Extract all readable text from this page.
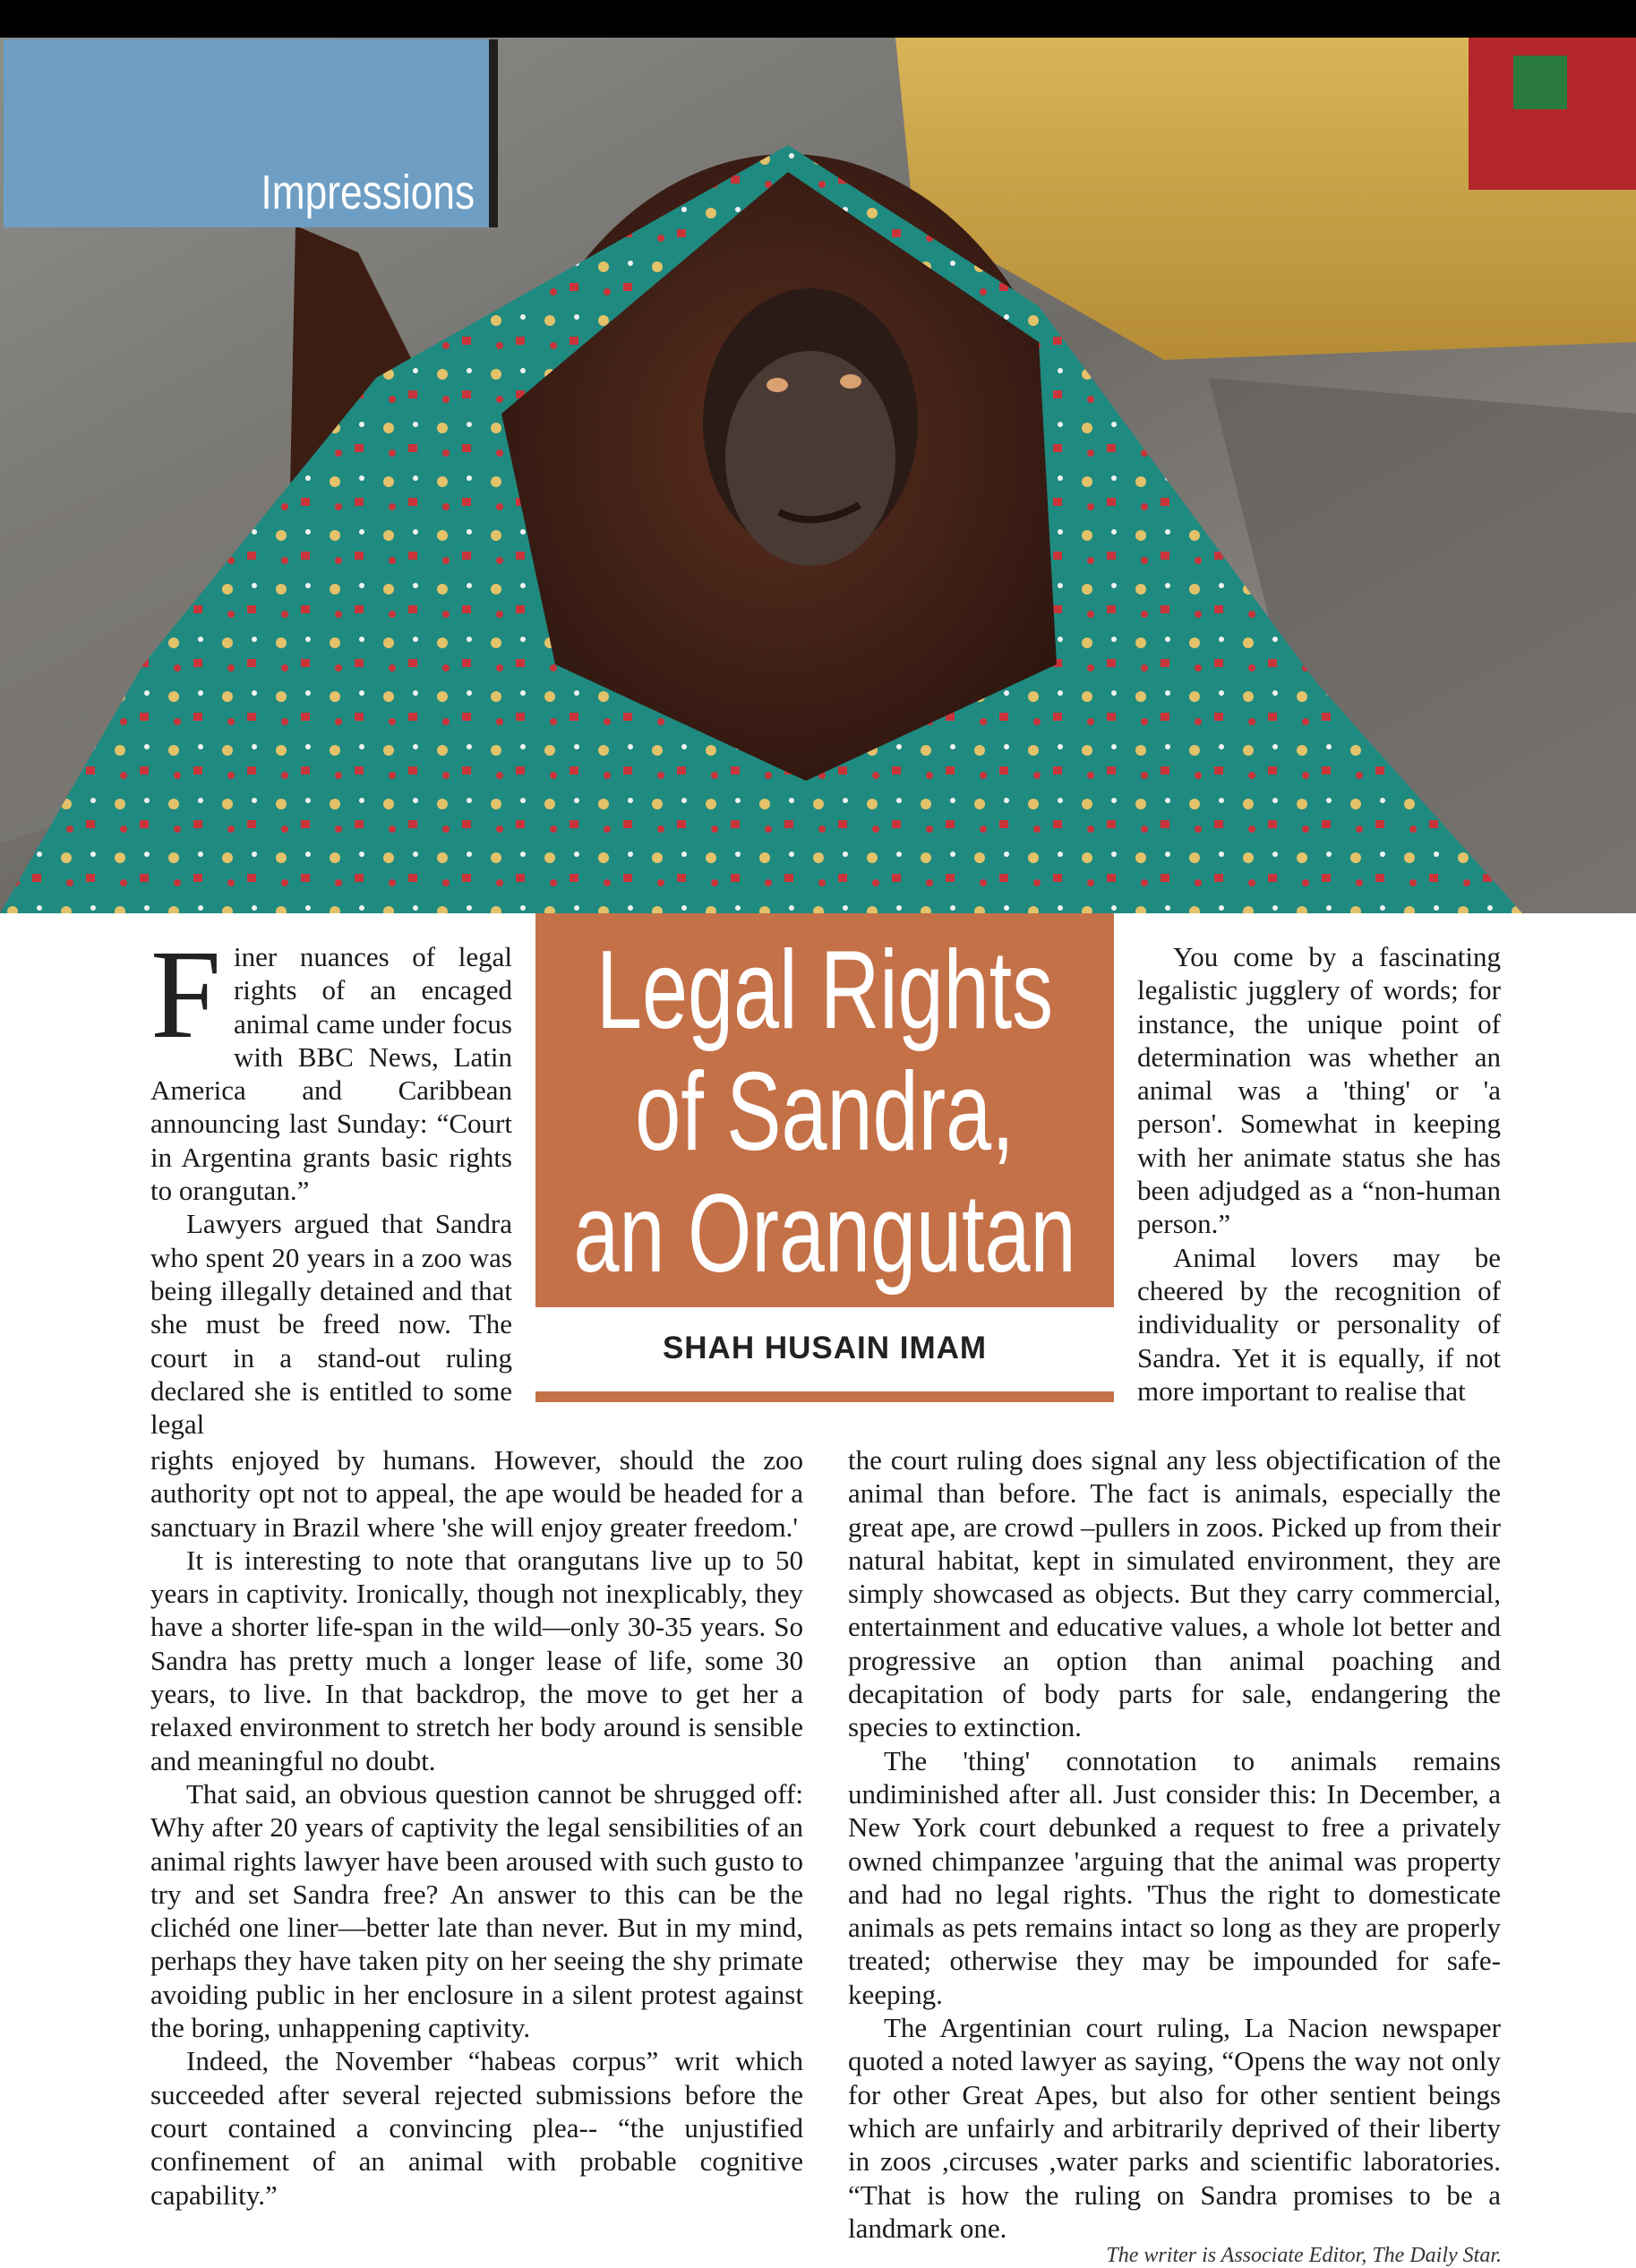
Impressions

Finer nuances of legal rights of an encaged animal came under focus with BBC News, Latin America and Caribbean announcing last Sunday: “Court in Argentina grants basic rights to orangutan.”

Lawyers argued that Sandra who spent 20 years in a zoo was being illegally detained and that she must be freed now. The court in a stand-out ruling declared she is entitled to some legal

Legal Rights
of Sandra,
an Orangutan
SHAH HUSAIN IMAM

You come by a fascinating legalistic jugglery of words; for instance, the unique point of determination was whether an animal was a 'thing' or 'a person'. Somewhat in keeping with her animate status she has been adjudged as a “non-human person.”

Animal lovers may be cheered by the recognition of individuality or personality of Sandra. Yet it is equally, if not more important to realise that

rights enjoyed by humans. However, should the zoo authority opt not to appeal, the ape would be headed for a sanctuary in Brazil where 'she will enjoy greater freedom.'

It is interesting to note that orangutans live up to 50 years in captivity. Ironically, though not inexplicably, they have a shorter life-span in the wild—only 30-35 years. So Sandra has pretty much a longer lease of life, some 30 years, to live. In that backdrop, the move to get her a relaxed environment to stretch her body around is sensible and meaningful no doubt.

That said, an obvious question cannot be shrugged off: Why after 20 years of captivity the legal sensibilities of an animal rights lawyer have been aroused with such gusto to try and set Sandra free? An answer to this can be the clichéd one liner—better late than never. But in my mind, perhaps they have taken pity on her seeing the shy primate avoiding public in her enclosure in a silent protest against the boring, unhappening captivity.

Indeed, the November “habeas corpus” writ which succeeded after several rejected submissions before the court contained a convincing plea-- “the unjustified confinement of an animal with probable cognitive capability.”

the court ruling does signal any less objectification of the animal than before. The fact is animals, especially the great ape, are crowd –pullers in zoos. Picked up from their natural habitat, kept in simulated environment, they are simply showcased as objects. But they carry commercial, entertainment and educative values, a whole lot better and progressive an option than animal poaching and decapitation of body parts for sale, endangering the species to extinction.

The 'thing' connotation to animals remains undiminished after all. Just consider this: In December, a New York court debunked a request to free a privately owned chimpanzee 'arguing that the animal was property and had no legal rights. 'Thus the right to domesticate animals as pets remains intact so long as they are properly treated; otherwise they may be impounded for safe-keeping.

The Argentinian court ruling, La Nacion newspaper quoted a noted lawyer as saying, “Opens the way not only for other Great Apes, but also for other sentient beings which are unfairly and arbitrarily deprived of their liberty in zoos ,circuses ,water parks and scientific laboratories. “That is how the ruling on Sandra promises to be a landmark one.

The writer is Associate Editor, The Daily Star.
